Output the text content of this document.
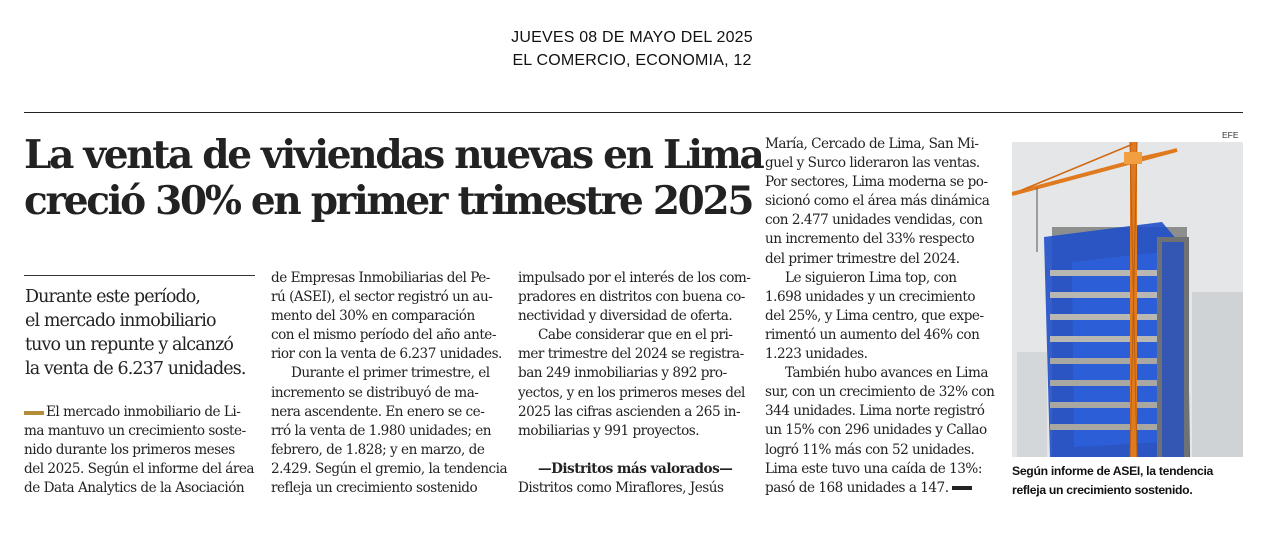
JUEVES 08 DE MAYO DEL 2025
EL COMERCIO, ECONOMIA, 12
La venta de viviendas nuevas en Lima
creció 30% en primer trimestre 2025
Durante este período,
el mercado inmobiliario
tuvo un repunte y alcanzó
la venta de 6.237 unidades.
El mercado inmobiliario de Li-
ma mantuvo un crecimiento soste-
nido durante los primeros meses
del 2025. Según el informe del área
de Data Analytics de la Asociación
de Empresas Inmobiliarias del Pe-
rú (ASEI), el sector registró un au-
mento del 30% en comparación
con el mismo período del año ante-
rior con la venta de 6.237 unidades.
Durante el primer trimestre, el
incremento se distribuyó de ma-
nera ascendente. En enero se ce-
rró la venta de 1.980 unidades; en
febrero, de 1.828; y en marzo, de
2.429. Según el gremio, la tendencia
refleja un crecimiento sostenido
impulsado por el interés de los com-
pradores en distritos con buena co-
nectividad y diversidad de oferta.
Cabe considerar que en el pri-
mer trimestre del 2024 se registra-
ban 249 inmobiliarias y 892 pro-
yectos, y en los primeros meses del
2025 las cifras ascienden a 265 in-
mobiliarias y 991 proyectos.

—Distritos más valorados—
Distritos como Miraflores, Jesús
María, Cercado de Lima, San Mi-
guel y Surco lideraron las ventas.
Por sectores, Lima moderna se po-
sicionó como el área más dinámica
con 2.477 unidades vendidas, con
un incremento del 33% respecto
del primer trimestre del 2024.
Le siguieron Lima top, con
1.698 unidades y un crecimiento
del 25%, y Lima centro, que expe-
rimentó un aumento del 46% con
1.223 unidades.
También hubo avances en Lima
sur, con un crecimiento de 32% con
344 unidades. Lima norte registró
un 15% con 296 unidades y Callao
logró 11% más con 52 unidades.
Lima este tuvo una caída de 13%:
pasó de 168 unidades a 147.
EFE
Según informe de ASEI, la tendencia
refleja un crecimiento sostenido.
